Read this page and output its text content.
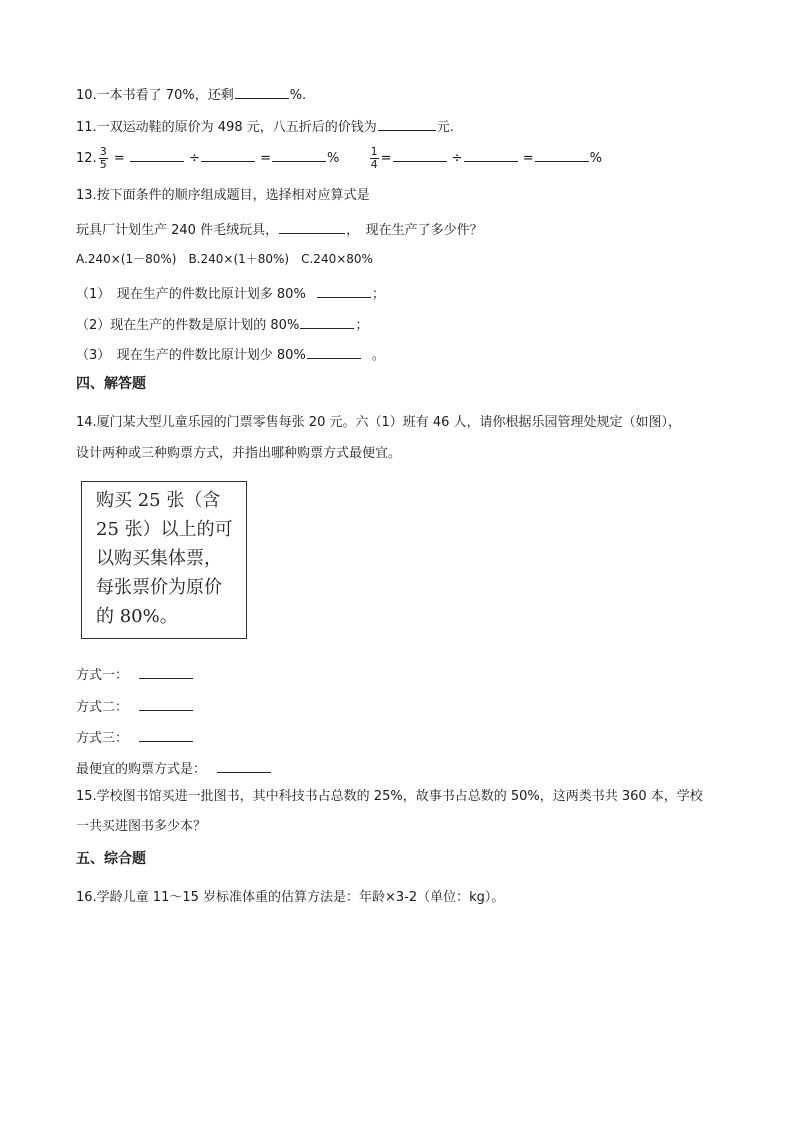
10.一本书看了 70%，还剩	%.
11.一双运动鞋的原价为 498 元，八五折后的价钱为	元.
12. $\frac{3}{5}$ =	÷	=	%	$\frac{1}{4}$ =	÷	=	%
13.按下面条件的顺序组成题目，选择相对应算式是
玩具厂计划生产 240 件毛绒玩具，	，　现在生产了多少件？
A.240×(1－80%)　B.240×(1＋80%)　C.240×80%
（1）　现在生产的件数比原计划多 80%	；
（2）现在生产的件数是原计划的 80%	；
（3）　现在生产的件数比原计划少 80%	。
四、解答题
14.厦门某大型儿童乐园的门票零售每张 20 元。六（1）班有 46 人，请你根据乐园管理处规定（如图），
设计两种或三种购票方式，并指出哪种购票方式最便宜。
购买 25 张（含
25 张）以上的可
以购买集体票，
每张票价为原价
的 80%。
方式一：
方式二：
方式三：
最便宜的购票方式是：
15.学校图书馆买进一批图书，其中科技书占总数的 25%，故事书占总数的 50%，这两类书共 360 本，学校
一共买进图书多少本？
五、综合题
16.学龄儿童 11～15 岁标准体重的估算方法是：年龄×3-2（单位：kg）。
